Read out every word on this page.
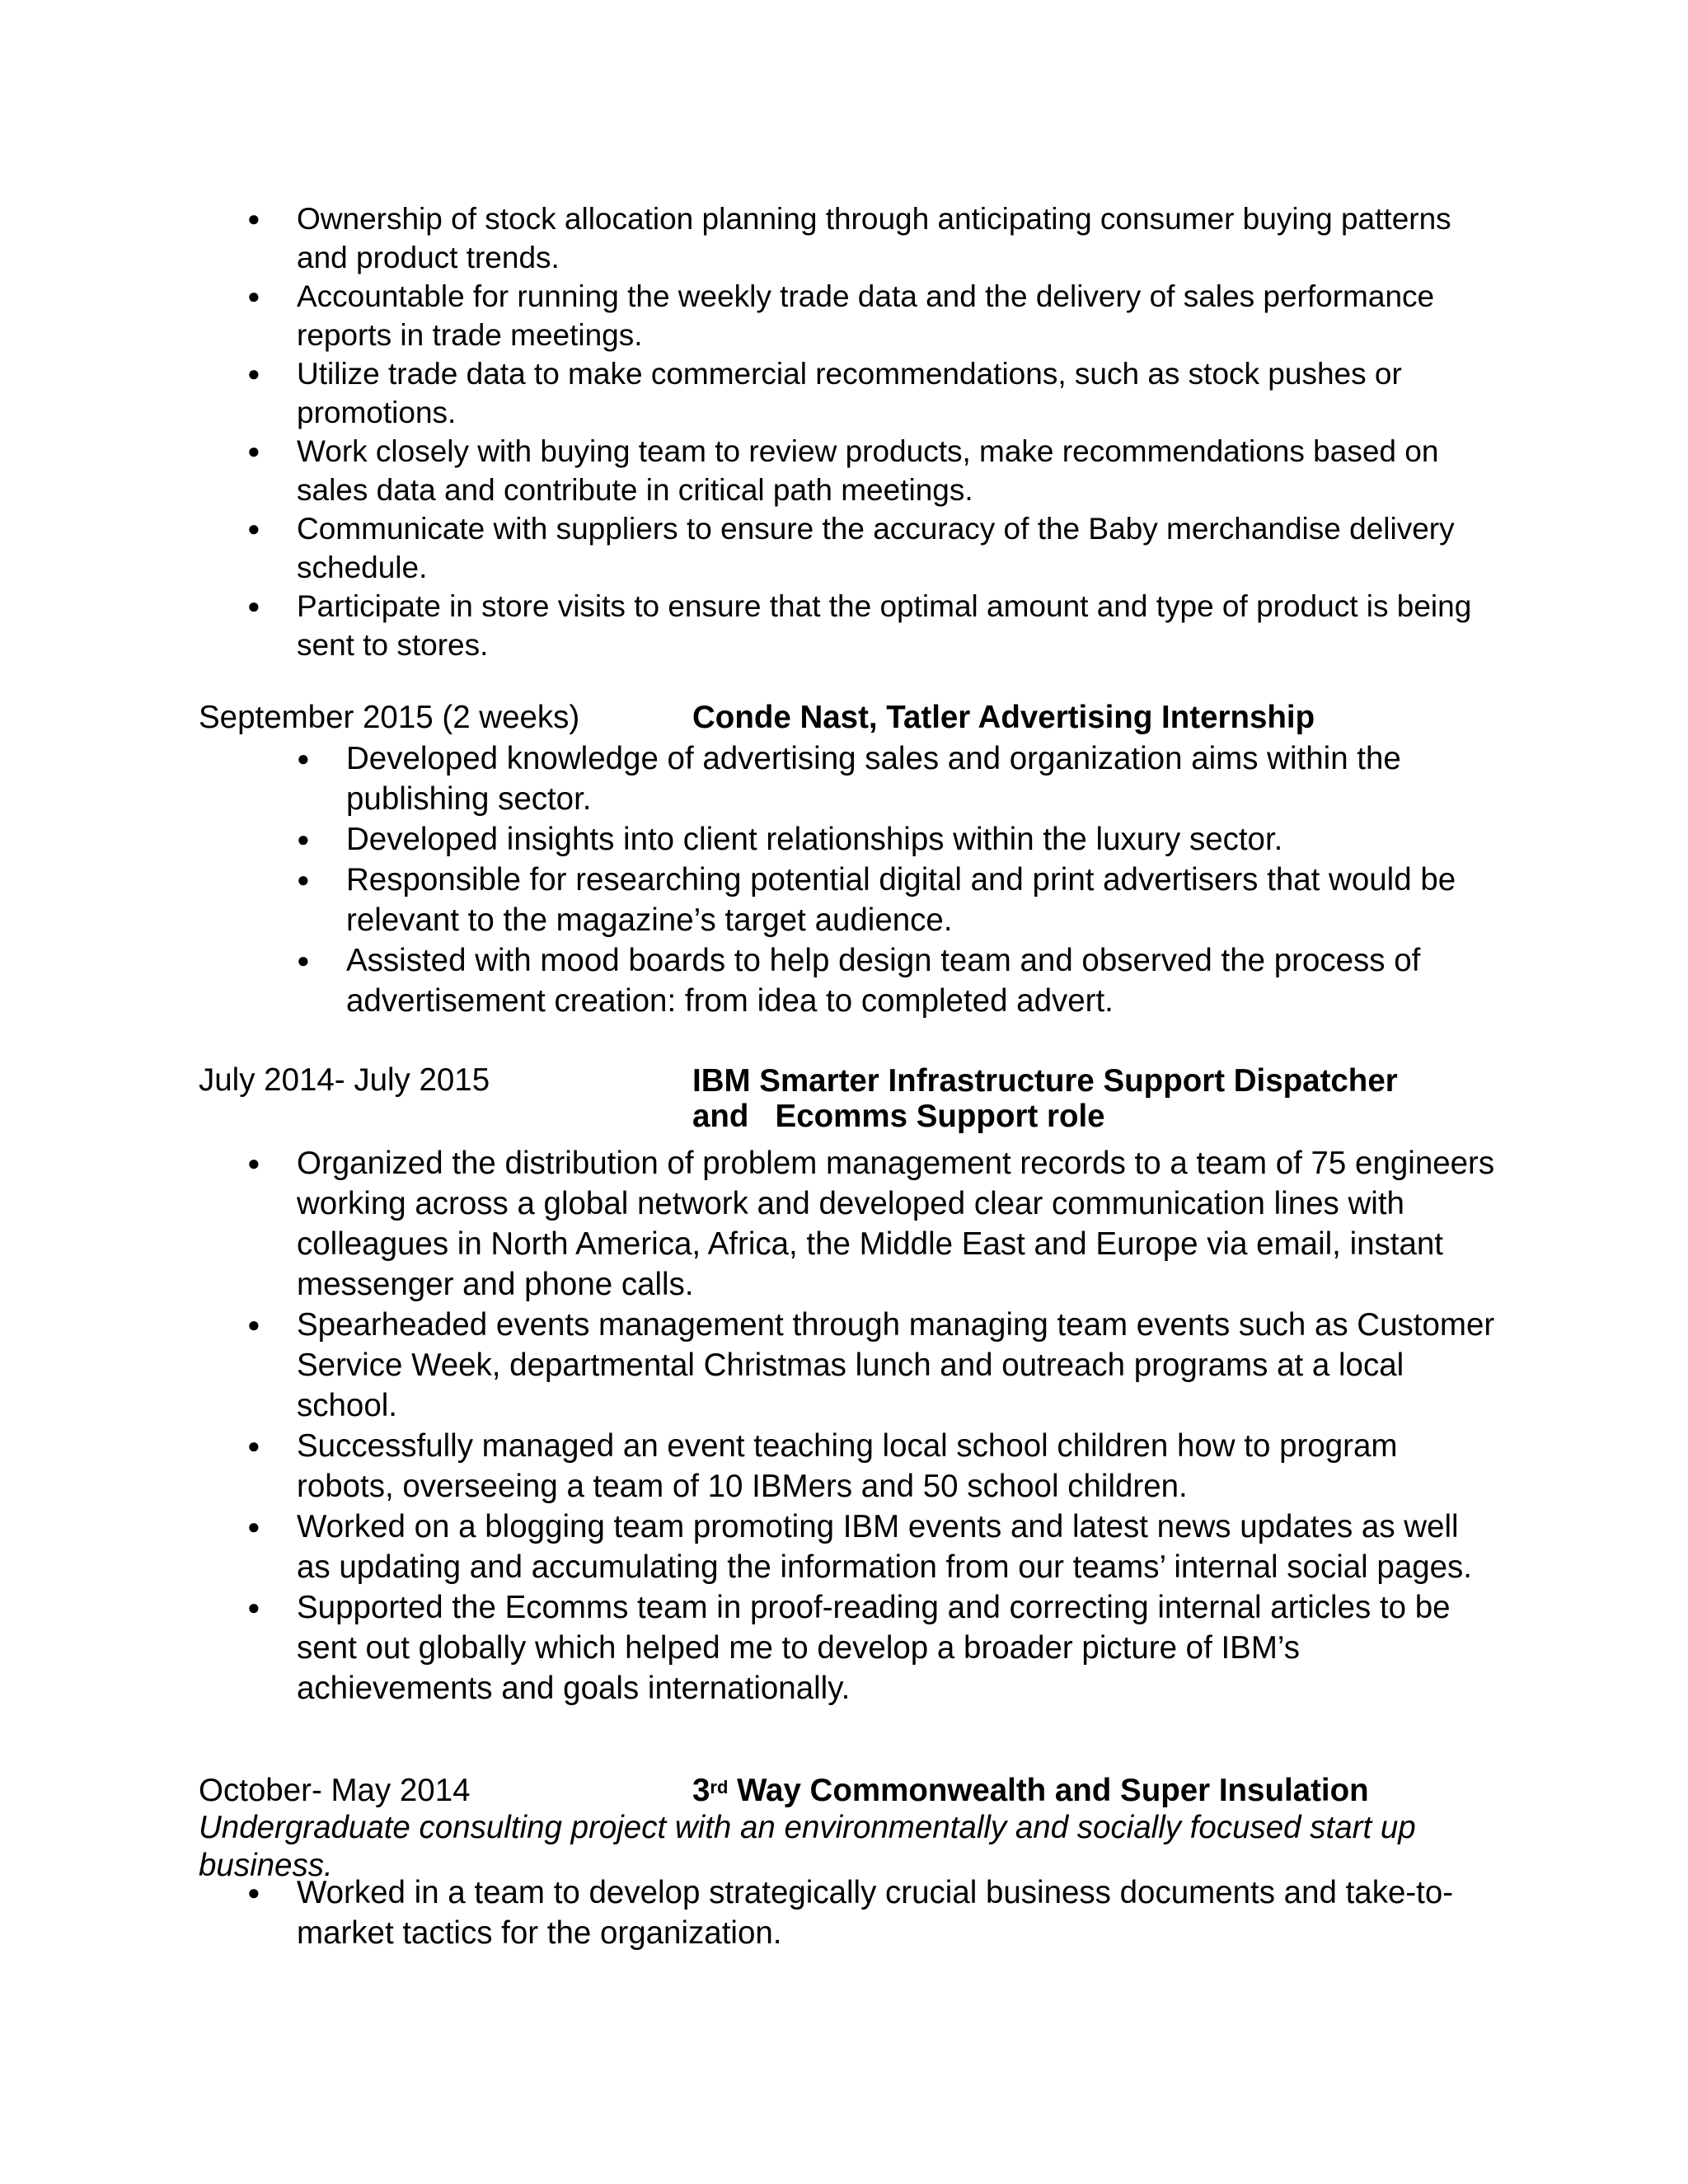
● Ownership of stock allocation planning through anticipating consumer buying patterns and product trends.
● Accountable for running the weekly trade data and the delivery of sales performance reports in trade meetings.
● Utilize trade data to make commercial recommendations, such as stock pushes or promotions.
● Work closely with buying team to review products, make recommendations based on sales data and contribute in critical path meetings.
● Communicate with suppliers to ensure the accuracy of the Baby merchandise delivery schedule.
● Participate in store visits to ensure that the optimal amount and type of product is being sent to stores.
September 2015 (2 weeks)	Conde Nast, Tatler Advertising Internship
● Developed knowledge of advertising sales and organization aims within the publishing sector.
● Developed insights into client relationships within the luxury sector.
● Responsible for researching potential digital and print advertisers that would be relevant to the magazine’s target audience.
● Assisted with mood boards to help design team and observed the process of advertisement creation: from idea to completed advert.
July 2014- July 2015	IBM Smarter Infrastructure Support Dispatcher
and   Ecomms Support role
● Organized the distribution of problem management records to a team of 75 engineers working across a global network and developed clear communication lines with colleagues in North America, Africa, the Middle East and Europe via email, instant messenger and phone calls.
● Spearheaded events management through managing team events such as Customer Service Week, departmental Christmas lunch and outreach programs at a local school.
● Successfully managed an event teaching local school children how to program robots, overseeing a team of 10 IBMers and 50 school children.
● Worked on a blogging team promoting IBM events and latest news updates as well as updating and accumulating the information from our teams’ internal social pages.
● Supported the Ecomms team in proof-reading and correcting internal articles to be sent out globally which helped me to develop a broader picture of IBM’s achievements and goals internationally.
October- May 2014	3rd Way Commonwealth and Super Insulation
Undergraduate consulting project with an environmentally and socially focused start up business.
● Worked in a team to develop strategically crucial business documents and take-to-market tactics for the organization.
